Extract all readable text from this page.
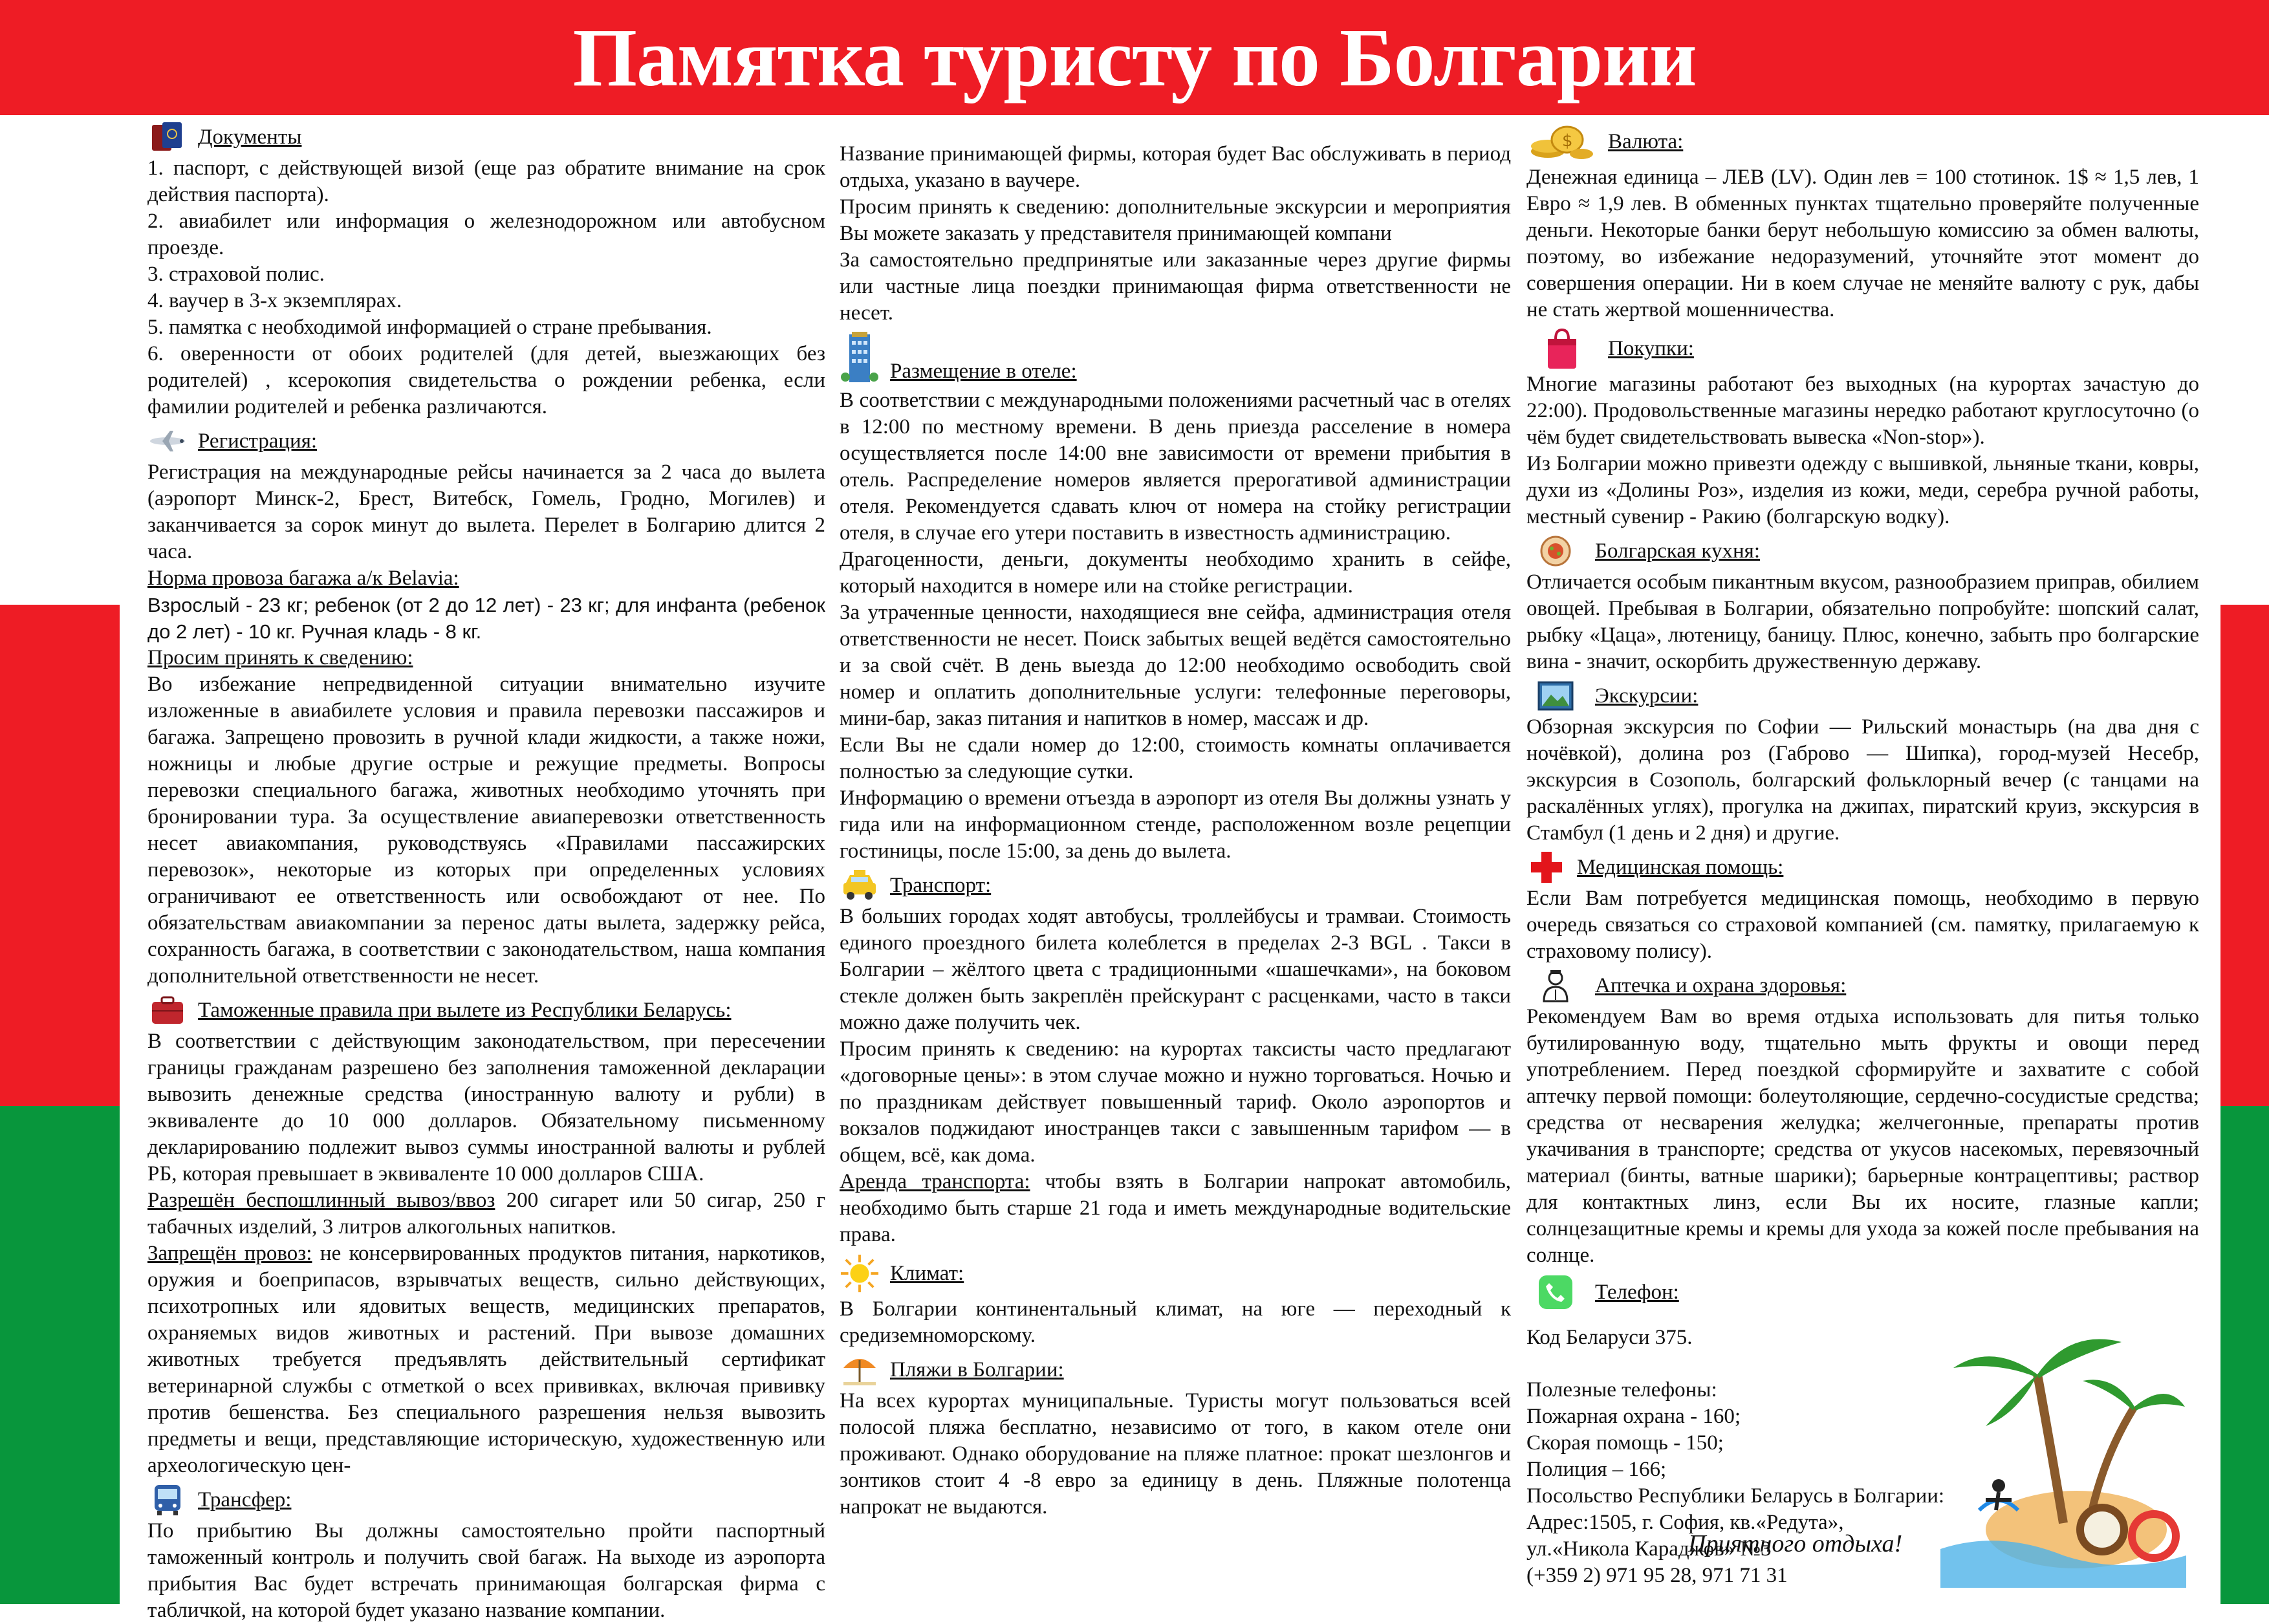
Памятка туристу по Болгарии
Документы

1. паспорт, с действующей визой (еще раз обратите внимание на срок действия паспорта).

2. авиабилет или информация о железнодорожном или автобусном проезде.

3. страховой полис.

4. ваучер в 3-х экземплярах.

5. памятка с необходимой информацией о стране пребывания.

6. оверенности от обоих родителей (для детей, выезжающих без родителей) , ксерокопия свидетельства о рождении ребенка, если фамилии родителей и ребенка различаются.

Регистрация:

Регистрация на международные рейсы начинается за 2 часа до вылета (аэропорт Минск-2, Брест, Витебск, Гомель, Гродно, Могилев) и заканчивается за сорок минут до вылета. Перелет в Болгарию длится 2 часа.

Норма провоза багажа а/к Belavia:

Взрослый - 23 кг; ребенок (от 2 до 12 лет) - 23 кг; для инфанта (ребенок до 2 лет) - 10 кг. Ручная кладь - 8 кг.

Просим принять к сведению:

Во избежание непредвиденной ситуации внимательно изучите изложенные в авиабилете условия и правила перевозки пассажиров и багажа. Запрещено провозить в ручной клади жидкости, а также ножи, ножницы и любые другие острые и режущие предметы. Вопросы перевозки специального багажа, животных необходимо уточнять при бронировании тура. За осуществление авиаперевозки ответственность несет авиакомпания, руководствуясь «Правилами пассажирских перевозок», некоторые из которых при определенных условиях ограничивают ее ответственность или освобождают от нее. По обязательствам авиакомпании за перенос даты вылета, задержку рейса, сохранность багажа, в соответствии с законодательством, наша компания дополнительной ответственности не несет.

Таможенные правила при вылете из Республики Беларусь:

В соответствии с действующим законодательством, при пересечении границы гражданам разрешено без заполнения таможенной декларации вывозить денежные средства (иностранную валюту и рубли) в эквиваленте до 10 000 долларов. Обязательному письменному декларированию подлежит вывоз суммы иностранной валюты и рублей РБ, которая превышает в эквиваленте 10 000 долларов США.

Разрешён беспошлинный вывоз/ввоз 200 сигарет или 50 сигар, 250 г табачных изделий, 3 литров алкогольных напитков.

Запрещён провоз: не консервированных продуктов питания, наркотиков, оружия и боеприпасов, взрывчатых веществ, сильно действующих, психотропных или ядовитых веществ, медицинских препаратов, охраняемых видов животных и растений. При вывозе домашних животных требуется предъявлять действительный сертификат ветеринарной службы с отметкой о всех прививках, включая прививку против бешенства. Без специального разрешения нельзя вывозить предметы и вещи, представляющие историческую, художественную или археологическую цен-

Трансфер:

По прибытию Вы должны самостоятельно пройти паспортный таможенный контроль и получить свой багаж. На выходе из аэропорта прибытия Вас будет встречать принимающая болгарская фирма с табличкой, на которой будет указано название компании.

Название принимающей фирмы, которая будет Вас обслуживать в период отдыха, указано в ваучере.

Просим принять к сведению: дополнительные экскурсии и мероприятия Вы можете заказать у представителя принимающей компани

За самостоятельно предпринятые или заказанные через другие фирмы или частные лица поездки принимающая фирма ответственности не несет.

Размещение в отеле:

В соответствии с международными положениями расчетный час в отелях в 12:00 по местному времени. В день приезда расселение в номера осуществляется после 14:00 вне зависимости от времени прибытия в отель. Распределение номеров является прерогативой администрации отеля. Рекомендуется сдавать ключ от номера на стойку регистрации отеля, в случае его утери поставить в известность администрацию.

Драгоценности, деньги, документы необходимо хранить в сейфе, который находится в номере или на стойке регистрации.

За утраченные ценности, находящиеся вне сейфа, администрация отеля ответственности не несет. Поиск забытых вещей ведётся самостоятельно и за свой счёт. В день выезда до 12:00 необходимо освободить свой номер и оплатить дополнительные услуги: телефонные переговоры, мини-бар, заказ питания и напитков в номер, массаж и др.

Если Вы не сдали номер до 12:00, стоимость комнаты оплачивается полностью за следующие сутки.

Информацию о времени отъезда в аэропорт из отеля Вы должны узнать у гида или на информационном стенде, расположенном возле рецепции гостиницы, после 15:00, за день до вылета.

Транспорт:

В больших городах ходят автобусы, троллейбусы и трамваи. Стоимость единого проездного билета колеблется в пределах 2-3 BGL . Такси в Болгарии – жёлтого цвета с традиционными «шашечками», на боковом стекле должен быть закреплён прейскурант с расценками, часто в такси можно даже получить чек.

Просим принять к сведению: на курортах таксисты часто предлагают «договорные цены»: в этом случае можно и нужно торговаться. Ночью и по праздникам действует повышенный тариф. Около аэропортов и вокзалов поджидают иностранцев такси с завышенным тарифом — в общем, всё, как дома.

Аренда транспорта: чтобы взять в Болгарии напрокат автомобиль, необходимо быть старше 21 года и иметь международные водительские права.

Климат:

В Болгарии континентальный климат, на юге — переходный к средиземноморскому.

Пляжи в Болгарии:

На всех курортах муниципальные. Туристы могут пользоваться всей полосой пляжа бесплатно, независимо от того, в каком отеле они проживают. Однако оборудование на пляже платное: прокат шезлонгов и зонтиков стоит 4 -8 евро за единицу в день. Пляжные полотенца напрокат не выдаются.

$ Валюта:

Денежная единица – ЛЕВ (LV). Один лев = 100 стотинок. 1$ ≈ 1,5 лев, 1 Евро ≈ 1,9 лев. В обменных пунктах тщательно проверяйте полученные деньги. Некоторые банки берут небольшую комиссию за обмен валюты, поэтому, во избежание недоразумений, уточняйте этот момент до совершения операции. Ни в коем случае не меняйте валюту с рук, дабы не стать жертвой мошенничества.

Покупки:

Многие магазины работают без выходных (на курортах зачастую до 22:00). Продовольственные магазины нередко работают круглосуточно (о чём будет свидетельствовать вывеска «Non-stop»).

Из Болгарии можно привезти одежду с вышивкой, льняные ткани, ковры, духи из «Долины Роз», изделия из кожи, меди, серебра ручной работы, местный сувенир - Ракию (болгарскую водку).

Болгарская кухня:

Отличается особым пикантным вкусом, разнообразием приправ, обилием овощей. Пребывая в Болгарии, обязательно попробуйте: шопский салат, рыбку «Цаца», лютеницу, баницу. Плюс, конечно, забыть про болгарские вина - значит, оскорбить дружественную державу.

Экскурсии:

Обзорная экскурсия по Софии — Рильский монастырь (на два дня с ночёвкой), долина роз (Габрово — Шипка), город-музей Несебр, экскурсия в Созополь, болгарский фольклорный вечер (с танцами на раскалённых углях), прогулка на джипах, пиратский круиз, экскурсия в Стамбул (1 день и 2 дня) и другие.

Медицинская помощь:

Если Вам потребуется медицинская помощь, необходимо в первую очередь связаться со страховой компанией (см. памятку, прилагаемую к страховому полису).

Аптечка и охрана здоровья:

Рекомендуем Вам во время отдыха использовать для питья только бутилированную воду, тщательно мыть фрукты и овощи перед употреблением. Перед поездкой сформируйте и захватите с собой аптечку первой помощи: болеутоляющие, сердечно-сосудистые средства; средства от несварения желудка; желчегонные, препараты против укачивания в транспорте; средства от укусов насекомых, перевязочный материал (бинты, ватные шарики); барьерные контрацептивы; раствор для контактных линз, если Вы их носите, глазные капли; солнцезащитные кремы и кремы для ухода за кожей после пребывания на солнце.

Телефон:

Код Беларуси 375.

Полезные телефоны:

Пожарная охрана - 160;

Скорая помощь - 150;

Полиция – 166;

Посольство Республики Беларусь в Болгарии:

Адрес:1505, г. София, кв.«Редута»,

ул.«Никола Караджов» №3

(+359 2) 971 95 28, 971 71 31

Приятного отдыха!
